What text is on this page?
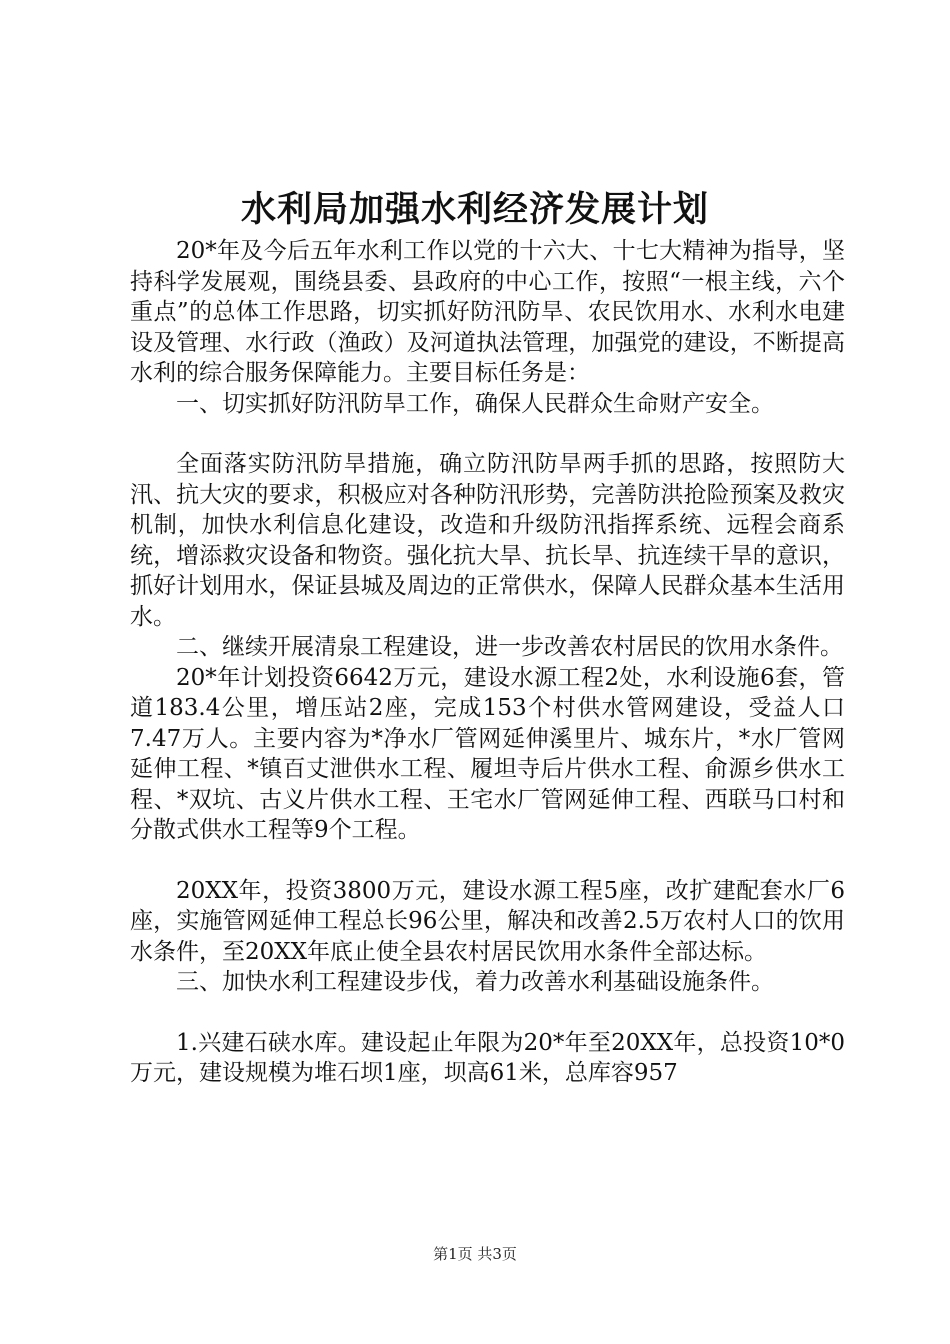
水利局加强水利经济发展计划

20*年及今后五年水利工作以党的十六大、十七大精神为指导，坚持科学发展观，围绕县委、县政府的中心工作，按照“一根主线，六个重点”的总体工作思路，切实抓好防汛防旱、农民饮用水、水利水电建设及管理、水行政（渔政）及河道执法管理，加强党的建设，不断提高水利的综合服务保障能力。主要目标任务是：

一、切实抓好防汛防旱工作，确保人民群众生命财产安全。

全面落实防汛防旱措施，确立防汛防旱两手抓的思路，按照防大汛、抗大灾的要求，积极应对各种防汛形势，完善防洪抢险预案及救灾机制，加快水利信息化建设，改造和升级防汛指挥系统、远程会商系统，增添救灾设备和物资。强化抗大旱、抗长旱、抗连续干旱的意识，抓好计划用水，保证县城及周边的正常供水，保障人民群众基本生活用水。

二、继续开展清泉工程建设，进一步改善农村居民的饮用水条件。

20*年计划投资6642万元，建设水源工程2处，水利设施6套，管道183.4公里，增压站2座，完成153个村供水管网建设，受益人口7.47万人。主要内容为*净水厂管网延伸溪里片、城东片，*水厂管网延伸工程、*镇百丈泄供水工程、履坦寺后片供水工程、俞源乡供水工程、*双坑、古义片供水工程、王宅水厂管网延伸工程、西联马口村和分散式供水工程等9个工程。

20XX年，投资3800万元，建设水源工程5座，改扩建配套水厂6座，实施管网延伸工程总长96公里，解决和改善2.5万农村人口的饮用水条件，至20XX年底止使全县农村居民饮用水条件全部达标。

三、加快水利工程建设步伐，着力改善水利基础设施条件。

1.兴建石硖水库。建设起止年限为20*年至20XX年，总投资10*0万元，建设规模为堆石坝1座，坝高61米，总库容957

第1页 共3页
